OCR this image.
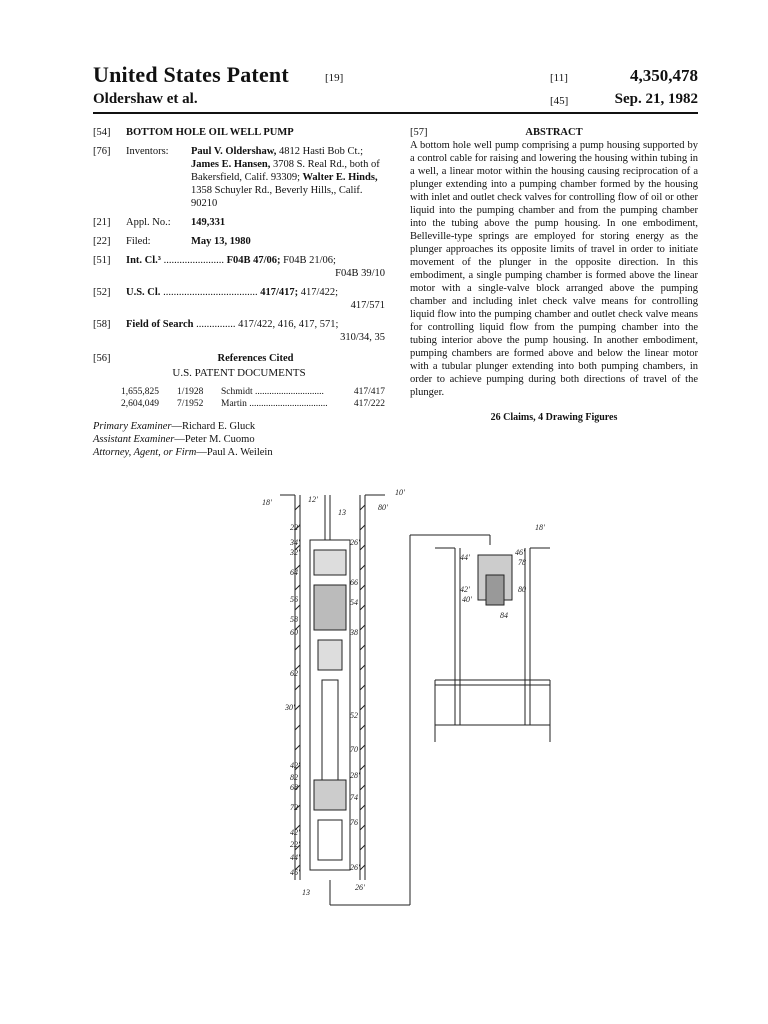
United States Patent	[19]	[11]	4,350,478
Oldershaw et al.	[45]	Sep. 21, 1982
[54]	BOTTOM HOLE OIL WELL PUMP
[76]	Inventors:	Paul V. Oldershaw, 4812 Hasti Bob Ct.; James E. Hansen, 3708 S. Real Rd., both of Bakersfield, Calif. 93309; Walter E. Hinds, 1358 Schuyler Rd., Beverly Hills,, Calif. 90210
[21]	Appl. No.:	149,331
[22]	Filed:	May 13, 1980
[51]	Int. Cl.³ ....................... F04B 47/06; F04B 21/06;
F04B 39/10
[52]	U.S. Cl. .................................... 417/417; 417/422;
417/571
[58]	Field of Search ............... 417/422, 416, 417, 571;
310/34, 35
[56]	References Cited
U.S. PATENT DOCUMENTS
1,655,825	1/1928	Schmidt .............................	417/417
2,604,049	7/1952	Martin .................................	417/222
Primary Examiner—Richard E. Gluck
Assistant Examiner—Peter M. Cuomo
Attorney, Agent, or Firm—Paul A. Weilein
[57]	ABSTRACT
A bottom hole well pump comprising a pump housing supported by a control cable for raising and lowering the housing within tubing in a well, a linear motor within the housing causing reciprocation of a plunger extending into a pumping chamber formed by the housing with inlet and outlet check valves for controlling flow of oil or other liquid into the pumping chamber and from the pumping chamber into the tubing above the pump housing. In one embodiment, Belleville-type springs are employed for storing energy as the plunger approaches its opposite limits of travel in order to initiate movement of the plunger in the opposite direction. In this embodiment, a single pumping chamber is formed above the linear motor with a single-valve block arranged above the pumping chamber and including inlet check valve means for controlling liquid flow into the pumping chamber and outlet check valve means for controlling liquid flow from the pumping chamber into the tubing interior above the pump housing. In another embodiment, pumping chambers are formed above and below the linear motor with a tubular plunger extending into both pumping chambers, in order to achieve pumping during both directions of travel of the plunger.
26 Claims, 4 Drawing Figures
18'	12'
13
10'
80'
22'
34'
32'
26'
64
66
56	54
58
60	38
62
30'
52
70
42'
82
68
28'
72
74
76
42'
22'
44'
46'
26'
13
26'
18'
44'
46'
78
42'	80
40'
84
